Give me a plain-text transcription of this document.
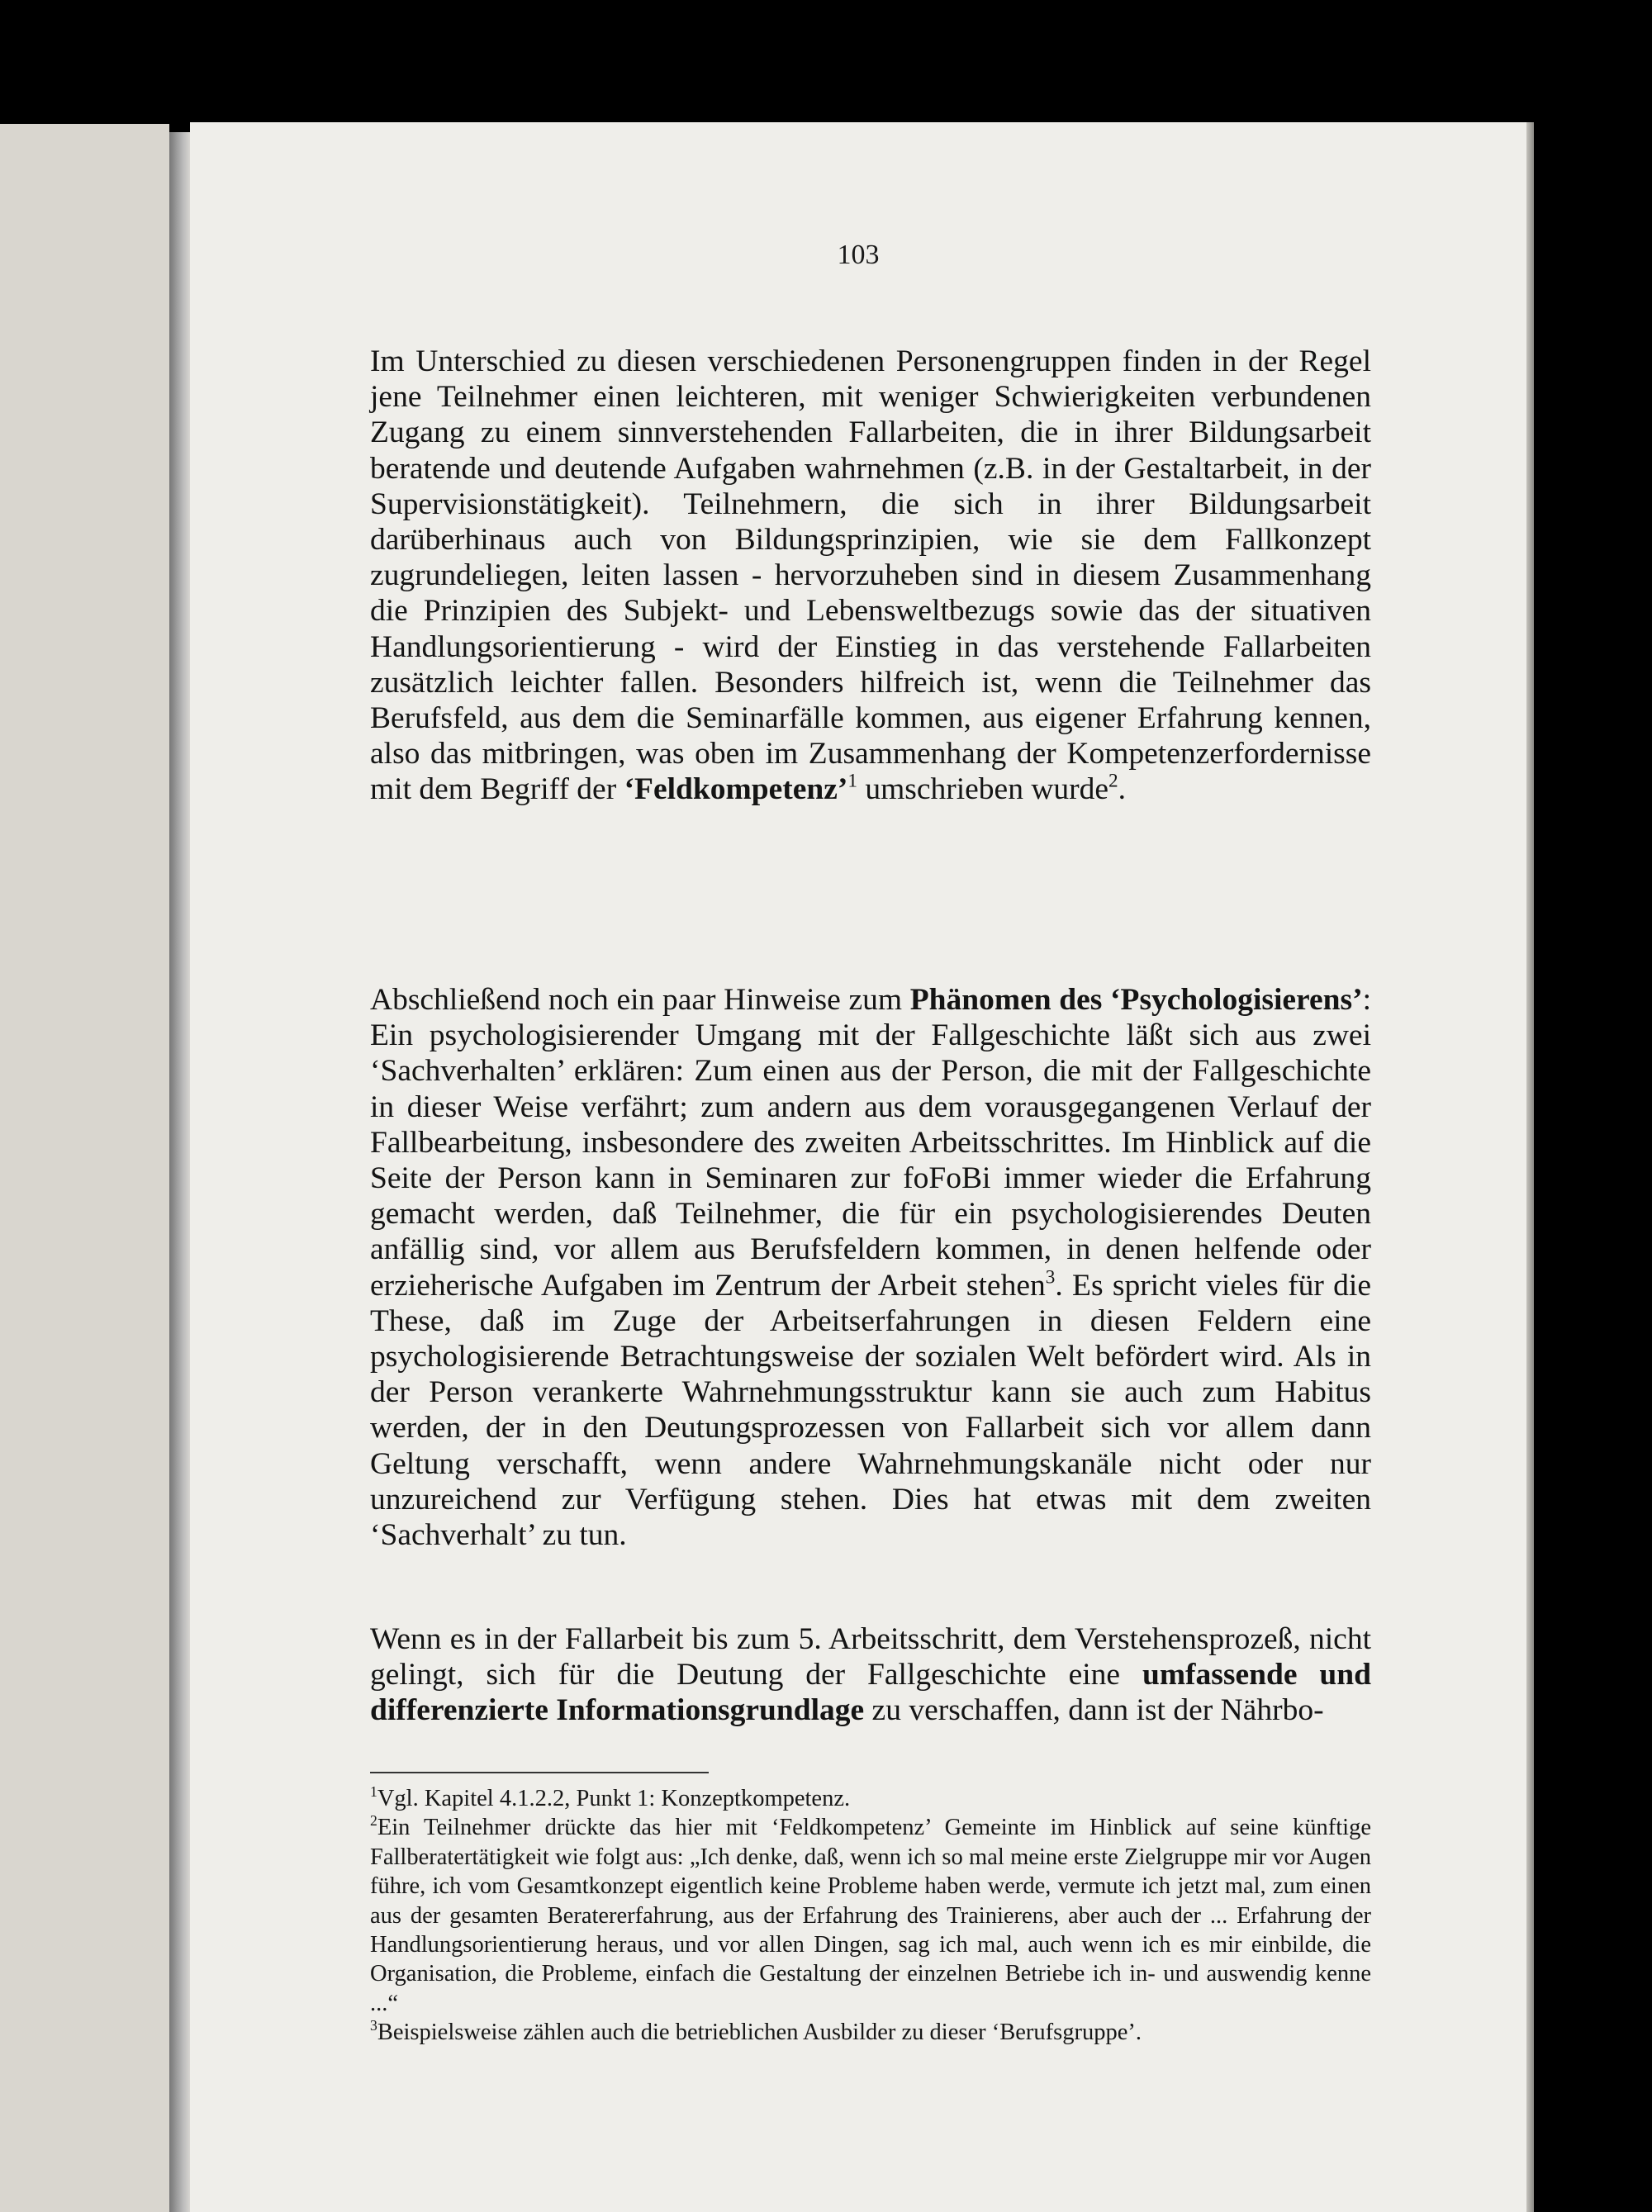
103

Im Unterschied zu diesen verschiedenen Personengruppen finden in der Regel jene Teilnehmer einen leichteren, mit weniger Schwierigkeiten verbundenen Zugang zu einem sinnverstehenden Fallarbeiten, die in ihrer Bildungsarbeit beratende und deutende Aufgaben wahrnehmen (z.B. in der Gestaltarbeit, in der Supervisionstätigkeit). Teilnehmern, die sich in ihrer Bildungsarbeit darüberhinaus auch von Bildungsprinzipien, wie sie dem Fallkonzept zugrundeliegen, leiten lassen - hervorzuheben sind in diesem Zusammenhang die Prinzipien des Subjekt- und Lebensweltbezugs sowie das der situativen Handlungsorientierung - wird der Einstieg in das verstehende Fallarbeiten zusätzlich leichter fallen. Besonders hilfreich ist, wenn die Teilnehmer das Berufsfeld, aus dem die Seminarfälle kommen, aus eigener Erfahrung kennen, also das mitbringen, was oben im Zusammenhang der Kompetenzerfordernisse mit dem Begriff der ‘Feldkompetenz’$^1$ umschrieben wurde$^2$.

Abschließend noch ein paar Hinweise zum Phänomen des ‘Psychologisierens’: Ein psychologisierender Umgang mit der Fallgeschichte läßt sich aus zwei ‘Sachverhalten’ erklären: Zum einen aus der Person, die mit der Fallgeschichte in dieser Weise verfährt; zum andern aus dem vorausgegangenen Verlauf der Fallbearbeitung, insbesondere des zweiten Arbeitsschrittes. Im Hinblick auf die Seite der Person kann in Seminaren zur foFoBi immer wieder die Erfahrung gemacht werden, daß Teilnehmer, die für ein psychologisierendes Deuten anfällig sind, vor allem aus Berufsfeldern kommen, in denen helfende oder erzieherische Aufgaben im Zentrum der Arbeit stehen$^3$. Es spricht vieles für die These, daß im Zuge der Arbeitserfahrungen in diesen Feldern eine psychologisierende Betrachtungsweise der sozialen Welt befördert wird. Als in der Person verankerte Wahrnehmungsstruktur kann sie auch zum Habitus werden, der in den Deutungsprozessen von Fallarbeit sich vor allem dann Geltung verschafft, wenn andere Wahrnehmungskanäle nicht oder nur unzureichend zur Verfügung stehen. Dies hat etwas mit dem zweiten ‘Sachverhalt’ zu tun.

Wenn es in der Fallarbeit bis zum 5. Arbeitsschritt, dem Verstehensprozeß, nicht gelingt, sich für die Deutung der Fallgeschichte eine umfassende und differenzierte Informationsgrundlage zu verschaffen, dann ist der Nährbo-

$^1$Vgl. Kapitel 4.1.2.2, Punkt 1: Konzeptkompetenz.

$^2$Ein Teilnehmer drückte das hier mit ‘Feldkompetenz’ Gemeinte im Hinblick auf seine künftige Fallberatertätigkeit wie folgt aus: „Ich denke, daß, wenn ich so mal meine erste Zielgruppe mir vor Augen führe, ich vom Gesamtkonzept eigentlich keine Probleme haben werde, vermute ich jetzt mal, zum einen aus der gesamten Beratererfahrung, aus der Erfahrung des Trainierens, aber auch der ... Erfahrung der Handlungsorientierung heraus, und vor allen Dingen, sag ich mal, auch wenn ich es mir einbilde, die Organisation, die Probleme, einfach die Gestaltung der einzelnen Betriebe ich in- und auswendig kenne ...“

$^3$Beispielsweise zählen auch die betrieblichen Ausbilder zu dieser ‘Berufsgruppe’.
